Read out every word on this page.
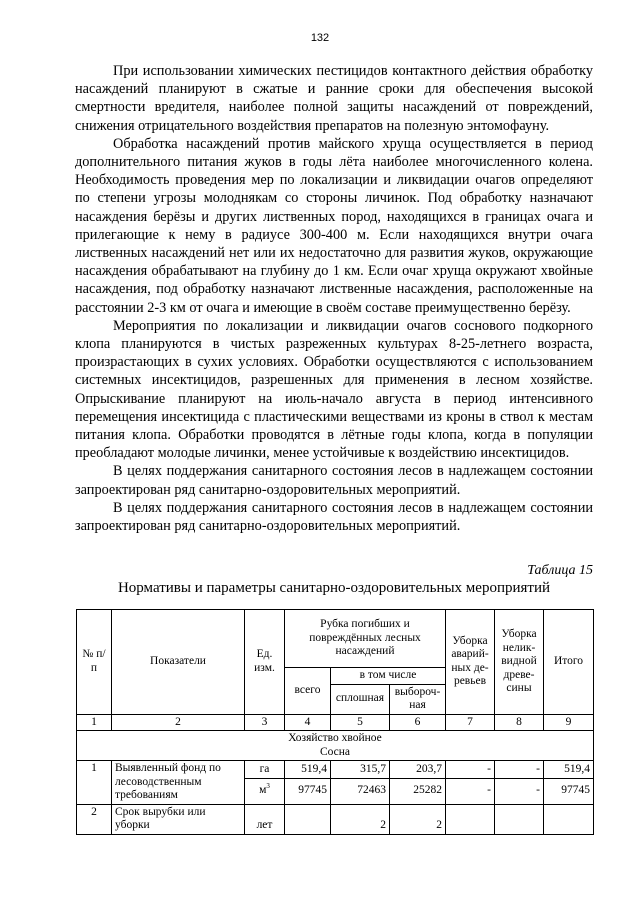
132

При использовании химических пестицидов контактного действия обработку насаждений планируют в сжатые и ранние сроки для обеспечения высокой смертности вредителя, наиболее полной защиты насаждений от повреждений, снижения отрицательного воздействия препаратов на полезную энтомофауну.

Обработка насаждений против майского хруща осуществляется в период дополнительного питания жуков в годы лёта наиболее многочисленного колена. Необходимость проведения мер по локализации и ликвидации очагов определяют по степени угрозы молоднякам со стороны личинок. Под обработку назначают насаждения берёзы и других лиственных пород, находящихся в границах очага и прилегающие к нему в радиусе 300-400 м. Если находящихся внутри очага лиственных насаждений нет или их недостаточно для развития жуков, окружающие насаждения обрабатывают на глубину до 1 км. Если очаг хруща окружают хвойные насаждения, под обработку назначают лиственные насаждения, расположенные на расстоянии 2-3 км от очага и имеющие в своём составе преимущественно берёзу.

Мероприятия по локализации и ликвидации очагов соснового подкорного клопа планируются в чистых разреженных культурах 8-25-летнего возраста, произрастающих в сухих условиях. Обработки осуществляются с использованием системных инсектицидов, разрешенных для применения в лесном хозяйстве. Опрыскивание планируют на июль-начало августа в период интенсивного перемещения инсектицида с пластическими веществами из кроны в ствол к местам питания клопа. Обработки проводятся в лётные годы клопа, когда в популяции преобладают молодые личинки, менее устойчивые к воздействию инсектицидов.

В целях поддержания санитарного состояния лесов в надлежащем состоянии запроектирован ряд санитарно-оздоровительных мероприятий.

В целях поддержания санитарного состояния лесов в надлежащем состоянии запроектирован ряд санитарно-оздоровительных мероприятий.

Таблица 15
Нормативы и параметры санитарно-оздоровительных мероприятий
№ п/п	Показатели	Ед. изм.	Рубка погибших и повреждённых лесных насаждений			Уборка аварий-ных де-ревьев	Уборка нелик-видной древе-сины	Итого
			всего	в том числе				
				сплошная	выбороч-ная			
1	2	3	4	5	6	7	8	9

Хозяйство хвойное
Сосна								

1	Выявленный фонд по лесоводственным требованиям	га	519,4	315,7	203,7	-	-	519,4
		$м^3$	97745	72463	25282	-	-	97745
2	Срок вырубки или уборки	лет		2	2			
